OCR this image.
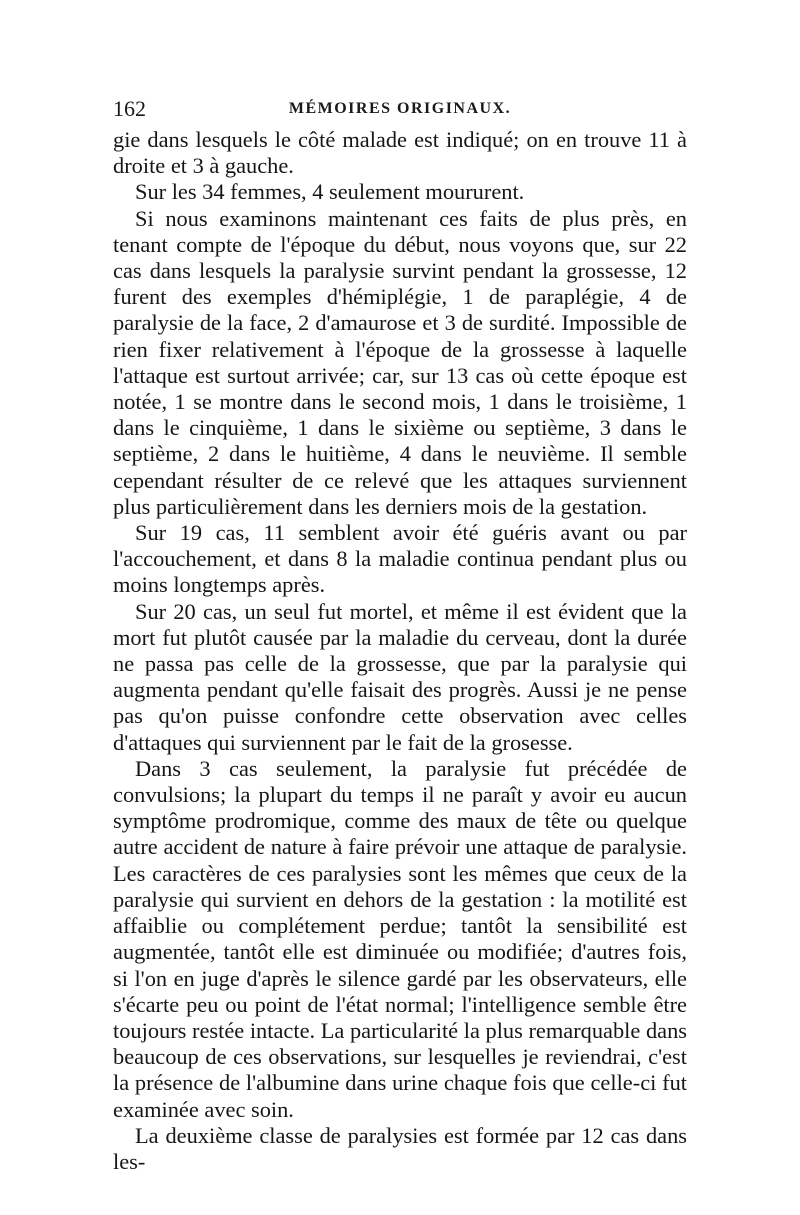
162	MÉMOIRES ORIGINAUX.

gie dans lesquels le côté malade est indiqué; on en trouve 11 à droite et 3 à gauche.

Sur les 34 femmes, 4 seulement moururent.

Si nous examinons maintenant ces faits de plus près, en tenant compte de l'époque du début, nous voyons que, sur 22 cas dans lesquels la paralysie survint pendant la grossesse, 12 furent des exemples d'hémiplégie, 1 de paraplégie, 4 de paralysie de la face, 2 d'amaurose et 3 de surdité. Impossible de rien fixer relativement à l'époque de la grossesse à laquelle l'attaque est surtout arrivée; car, sur 13 cas où cette époque est notée, 1 se montre dans le second mois, 1 dans le troisième, 1 dans le cinquième, 1 dans le sixième ou septième, 3 dans le septième, 2 dans le huitième, 4 dans le neuvième. Il semble cependant résulter de ce relevé que les attaques surviennent plus particulièrement dans les derniers mois de la gestation.

Sur 19 cas, 11 semblent avoir été guéris avant ou par l'accouchement, et dans 8 la maladie continua pendant plus ou moins longtemps après.

Sur 20 cas, un seul fut mortel, et même il est évident que la mort fut plutôt causée par la maladie du cerveau, dont la durée ne passa pas celle de la grossesse, que par la paralysie qui augmenta pendant qu'elle faisait des progrès. Aussi je ne pense pas qu'on puisse confondre cette observation avec celles d'attaques qui surviennent par le fait de la grosesse.

Dans 3 cas seulement, la paralysie fut précédée de convulsions; la plupart du temps il ne paraît y avoir eu aucun symptôme prodromique, comme des maux de tête ou quelque autre accident de nature à faire prévoir une attaque de paralysie. Les caractères de ces paralysies sont les mêmes que ceux de la paralysie qui survient en dehors de la gestation : la motilité est affaiblie ou complétement perdue; tantôt la sensibilité est augmentée, tantôt elle est diminuée ou modifiée; d'autres fois, si l'on en juge d'après le silence gardé par les observateurs, elle s'écarte peu ou point de l'état normal; l'intelligence semble être toujours restée intacte. La particularité la plus remarquable dans beaucoup de ces observations, sur lesquelles je reviendrai, c'est la présence de l'albumine dans urine chaque fois que celle-ci fut examinée avec soin.

La deuxième classe de paralysies est formée par 12 cas dans les-
